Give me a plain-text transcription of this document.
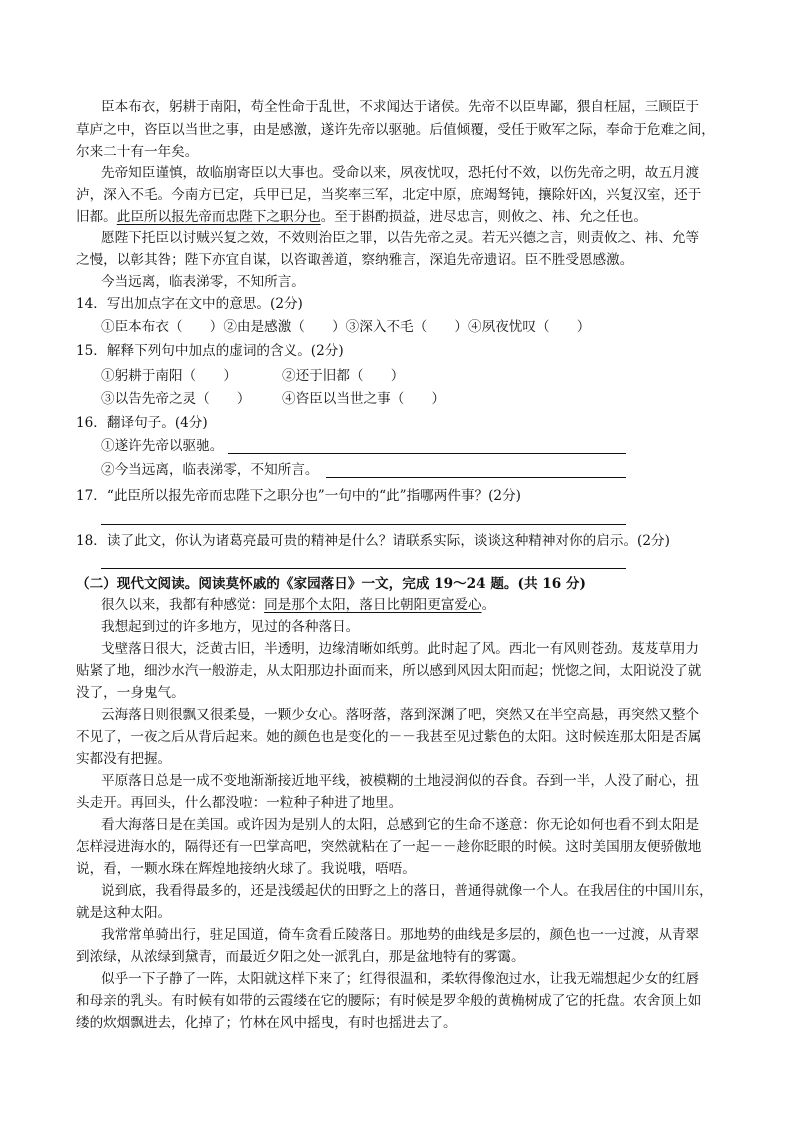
臣本布衣，躬耕于南阳，苟全性命于乱世，不求闻达于诸侯。先帝不以臣卑鄙，猥自枉屈，三顾臣于
草庐之中，咨臣以当世之事，由是感激，遂许先帝以驱驰。后值倾覆，受任于败军之际，奉命于危难之间，
尔来二十有一年矣。
先帝知臣谨慎，故临崩寄臣以大事也。受命以来，夙夜忧叹，恐托付不效，以伤先帝之明，故五月渡
泸，深入不毛。今南方已定，兵甲已足，当奖率三军，北定中原，庶竭驽钝，攘除奸凶，兴复汉室，还于
旧都。此臣所以报先帝而忠陛下之职分也。至于斟酌损益，进尽忠言，则攸之、祎、允之任也。
愿陛下托臣以讨贼兴复之效，不效则治臣之罪，以告先帝之灵。若无兴德之言，则责攸之、祎、允等
之慢，以彰其咎；陛下亦宜自谋，以咨诹善道，察纳雅言，深追先帝遗诏。臣不胜受恩感激。
今当远离，临表涕零，不知所言。
14．写出加点字在文中的意思。(2分)
①臣本布衣（　　）②由是感激（　　）③深入不毛（　　）④夙夜忧叹（　　）
15．解释下列句中加点的虚词的含义。(2分)
①躬耕于南阳（　　）	②还于旧都（　　）
③以告先帝之灵（　　） ④咨臣以当世之事（　　）
16．翻译句子。(4分)
①遂许先帝以驱驰。
②今当远离，临表涕零，不知所言。
17．“此臣所以报先帝而忠陛下之职分也”一句中的“此”指哪两件事？(2分)
18．读了此文，你认为诸葛亮最可贵的精神是什么？请联系实际，谈谈这种精神对你的启示。(2分)
（二）现代文阅读。阅读莫怀戚的《家园落日》一文，完成 19～24 题。(共 16 分)
很久以来，我都有种感觉：同是那个太阳，落日比朝阳更富爱心。
我想起到过的许多地方，见过的各种落日。
戈壁落日很大，泛黄古旧，半透明，边缘清晰如纸剪。此时起了风。西北一有风则苍劲。芨芨草用力
贴紧了地，细沙水汽一般游走，从太阳那边扑面而来，所以感到风因太阳而起；恍惚之间，太阳说没了就
没了，一身鬼气。
云海落日则很飘又很柔曼，一颗少女心。落呀落，落到深渊了吧，突然又在半空高悬，再突然又整个
不见了，一夜之后从背后起来。她的颜色也是变化的－－我甚至见过紫色的太阳。这时候连那太阳是否属
实都没有把握。
平原落日总是一成不变地渐渐接近地平线，被模糊的土地浸润似的吞食。吞到一半，人没了耐心，扭
头走开。再回头，什么都没啦：一粒种子种进了地里。
看大海落日是在美国。或许因为是别人的太阳，总感到它的生命不遂意：你无论如何也看不到太阳是
怎样浸进海水的，隔得还有一巴掌高吧，突然就粘在了一起－－趁你眨眼的时候。这时美国朋友便骄傲地
说，看，一颗水珠在辉煌地接纳火球了。我说哦，唔唔。
说到底，我看得最多的，还是浅缓起伏的田野之上的落日，普通得就像一个人。在我居住的中国川东，
就是这种太阳。
我常常单骑出行，驻足国道，倚车贪看丘陵落日。那地势的曲线是多层的，颜色也一一过渡，从青翠
到浓绿，从浓绿到黛青，而最近夕阳之处一派乳白，那是盆地特有的雾霭。
似乎一下子静了一阵，太阳就这样下来了；红得很温和，柔软得像泡过水，让我无端想起少女的红唇
和母亲的乳头。有时候有如带的云霞缕在它的腰际；有时候是罗伞般的黄桷树成了它的托盘。农舍顶上如
缕的炊烟飘进去，化掉了；竹林在风中摇曳，有时也摇进去了。
